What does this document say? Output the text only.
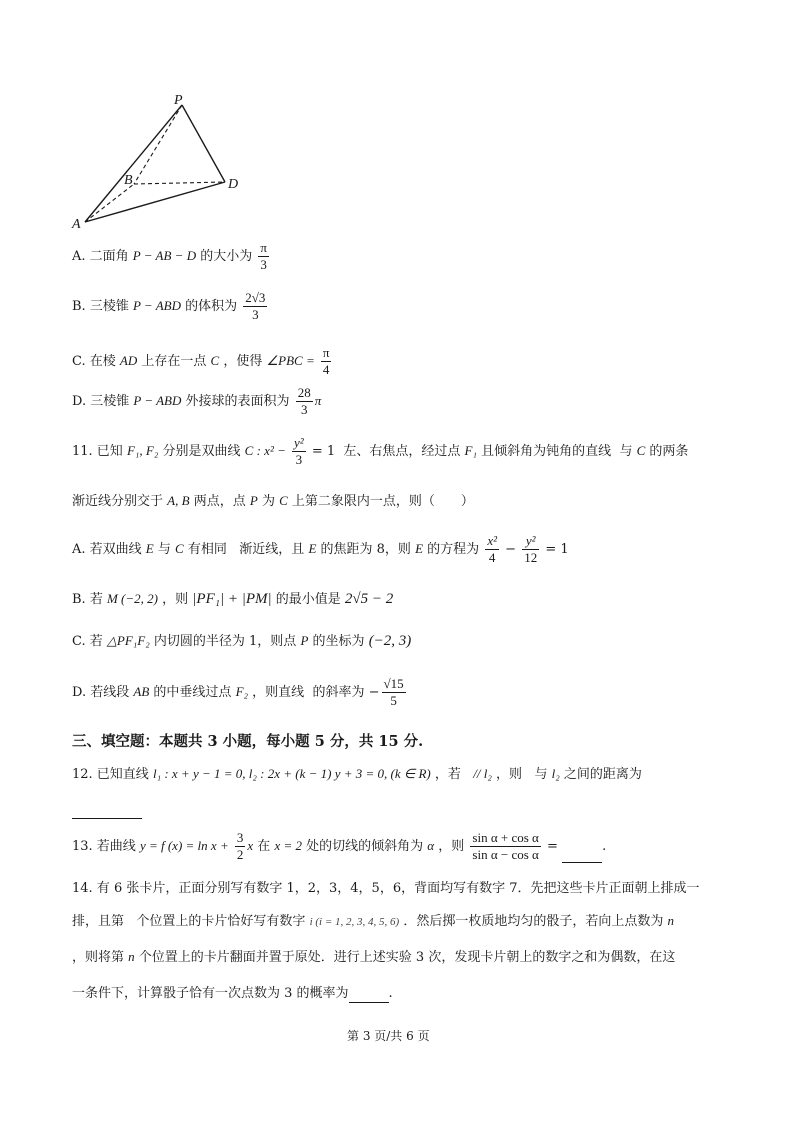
P
B	D
A
A. 二面角 P − AB − D 的大小为 $\frac{\pi}{3}$
B. 三棱锥 P − ABD 的体积为 $\frac{2√3}{3}$
C. 在棱 AD 上存在一点 C ，使得 ∠PBC = $\frac{\pi}{4}$
D. 三棱锥 P − ABD 外接球的表面积为 $\frac{28}{3}$ π
11. 已知 F₁, F₂ 分别是双曲线 C : $x^2 - \frac{\text{y²}}{3} = 1$ 左、右焦点，经过点 F₁ 且倾斜角为钝角的直线 与 C 的两条
渐近线分别交于 A, B 两点，点 P 为 C 上第二象限内一点，则（　　）
A. 若双曲线 E 与 C 有相同 渐近线，且 E 的焦距为 8，则 E 的方程为 $\frac{\text{x²}}{4} - \frac{\text{y²}}{12} = 1$
B. 若 M (−2, 2) ，则 |PF₁| + |PM| 的最小值是 2√5 − 2
C. 若 △PF₁F₂ 内切圆的半径为 1，则点 P 的坐标为 (−2, 3)
D. 若线段 AB 的中垂线过点 F₂ ，则直线 的斜率为 − $\frac{√15}{5}$
三、填空题：本题共 3 小题，每小题 5 分，共 15 分.
12. 已知直线 l₁ : x + y − 1 = 0, l₂ : 2x + (k − 1) y + 3 = 0, (k ∈ R) ，若 // l₂ ，则 与 l₂ 之间的距离为
13. 若曲线 y = f $(x) = \ln x + \frac{3}{2}$ x 在 x = 2 处的切线的倾斜角为 α ，则 $\frac{\text{sin α + cos α}}{\text{sin α − cos α}}$ =	.
14. 有 6 张卡片，正面分别写有数字 1，2，3，4，5，6，背面均写有数字 7．先把这些卡片正面朝上排成一
排，且第 个位置上的卡片恰好写有数字 i (i = 1, 2, 3, 4, 5, 6) ．然后掷一枚质地均匀的骰子，若向上点数为 n
，则将第 n 个位置上的卡片翻面并置于原处．进行上述实验 3 次，发现卡片朝上的数字之和为偶数，在这
一条件下，计算骰子恰有一次点数为 3 的概率为	.
第 3 页/共 6 页
